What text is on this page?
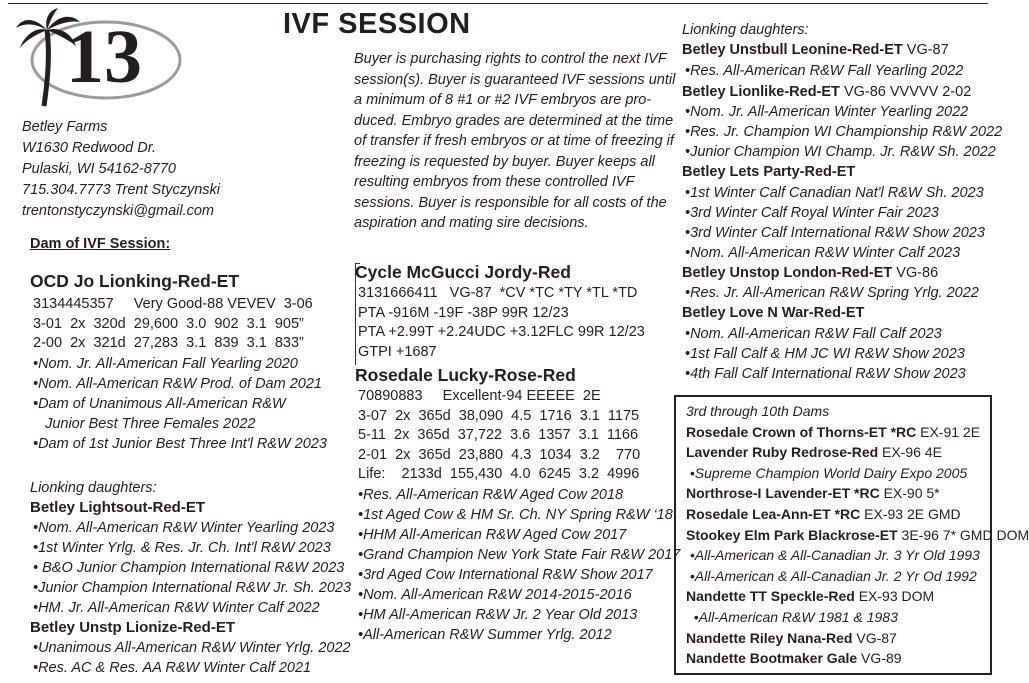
13	IVF SESSION
Betley Farms
W1630 Redwood Dr.
Pulaski, WI 54162-8770
715.304.7773 Trent Styczynski
trentonstyczynski@gmail.com
Buyer is purchasing rights to control the next IVF
session(s). Buyer is guaranteed IVF sessions until
a minimum of 8 #1 or #2 IVF embryos are pro-
duced. Embryo grades are determined at the time
of transfer if fresh embryos or at time of freezing if
freezing is requested by buyer. Buyer keeps all
resulting embryos from these controlled IVF
sessions. Buyer is responsible for all costs of the
aspiration and mating sire decisions.
Dam of IVF Session:
OCD Jo Lionking-Red-ET
3134445357     Very Good-88 VEVEV  3-06
3-01  2x  320d  29,600  3.0  902  3.1  905”
2-00  2x  321d  27,283  3.1  839  3.1  833”
•Nom. Jr. All-American Fall Yearling 2020
•Nom. All-American R&W Prod. of Dam 2021
•Dam of Unanimous All-American R&W
Junior Best Three Females 2022
•Dam of 1st Junior Best Three Int'l R&W 2023
Lionking daughters:
Betley Lightsout-Red-ET
•Nom. All-American R&W Winter Yearling 2023
•1st Winter Yrlg. & Res. Jr. Ch. Int'l R&W 2023
• B&O Junior Champion International R&W 2023
•Junior Champion International R&W Jr. Sh. 2023
•HM. Jr. All-American R&W Winter Calf 2022
Betley Unstp Lionize-Red-ET
•Unanimous All-American R&W Winter Yrlg. 2022
•Res. AC & Res. AA R&W Winter Calf 2021
Cycle McGucci Jordy-Red
3131666411   VG-87  *CV *TC *TY *TL *TD
PTA -916M -19F -38P 99R 12/23
PTA +2.99T +2.24UDC +3.12FLC 99R 12/23
GTPI +1687
Rosedale Lucky-Rose-Red
70890883     Excellent-94 EEEEE  2E
3-07  2x  365d  38,090  4.5  1716  3.1  1175
5-11  2x  365d  37,722  3.6  1357  3.1  1166
2-01  2x  365d  23,880  4.3  1034  3.2    770
Life:    2133d  155,430  4.0  6245  3.2  4996
•Res. All-American R&W Aged Cow 2018
•1st Aged Cow & HM Sr. Ch. NY Spring R&W ‘18
•HHM All-American R&W Aged Cow 2017
•Grand Champion New York State Fair R&W 2017
•3rd Aged Cow International R&W Show 2017
•Nom. All-American R&W 2014-2015-2016
•HM All-American R&W Jr. 2 Year Old 2013
•All-American R&W Summer Yrlg. 2012
Lionking daughters:
Betley Unstbull Leonine-Red-ET VG-87
•Res. All-American R&W Fall Yearling 2022
Betley Lionlike-Red-ET VG-86 VVVVV 2-02
•Nom. Jr. All-American Winter Yearling 2022
•Res. Jr. Champion WI Championship R&W 2022
•Junior Champion WI Champ. Jr. R&W Sh. 2022
Betley Lets Party-Red-ET
•1st Winter Calf Canadian Nat'l R&W Sh. 2023
•3rd Winter Calf Royal Winter Fair 2023
•3rd Winter Calf International R&W Show 2023
•Nom. All-American R&W Winter Calf 2023
Betley Unstop London-Red-ET VG-86
•Res. Jr. All-American R&W Spring Yrlg. 2022
Betley Love N War-Red-ET
•Nom. All-American R&W Fall Calf 2023
•1st Fall Calf & HM JC WI R&W Show 2023
•4th Fall Calf International R&W Show 2023
3rd through 10th Dams
Rosedale Crown of Thorns-ET *RC EX-91 2E
Lavender Ruby Redrose-Red EX-96 4E
•Supreme Champion World Dairy Expo 2005
Northrose-I Lavender-ET *RC EX-90 5*
Rosedale Lea-Ann-ET *RC EX-93 2E GMD
Stookey Elm Park Blackrose-ET 3E-96 7* GMD DOM
•All-American & All-Canadian Jr. 3 Yr Old 1993
•All-American & All-Canadian Jr. 2 Yr Od 1992
Nandette TT Speckle-Red EX-93 DOM
•All-American R&W 1981 & 1983
Nandette Riley Nana-Red VG-87
Nandette Bootmaker Gale VG-89
